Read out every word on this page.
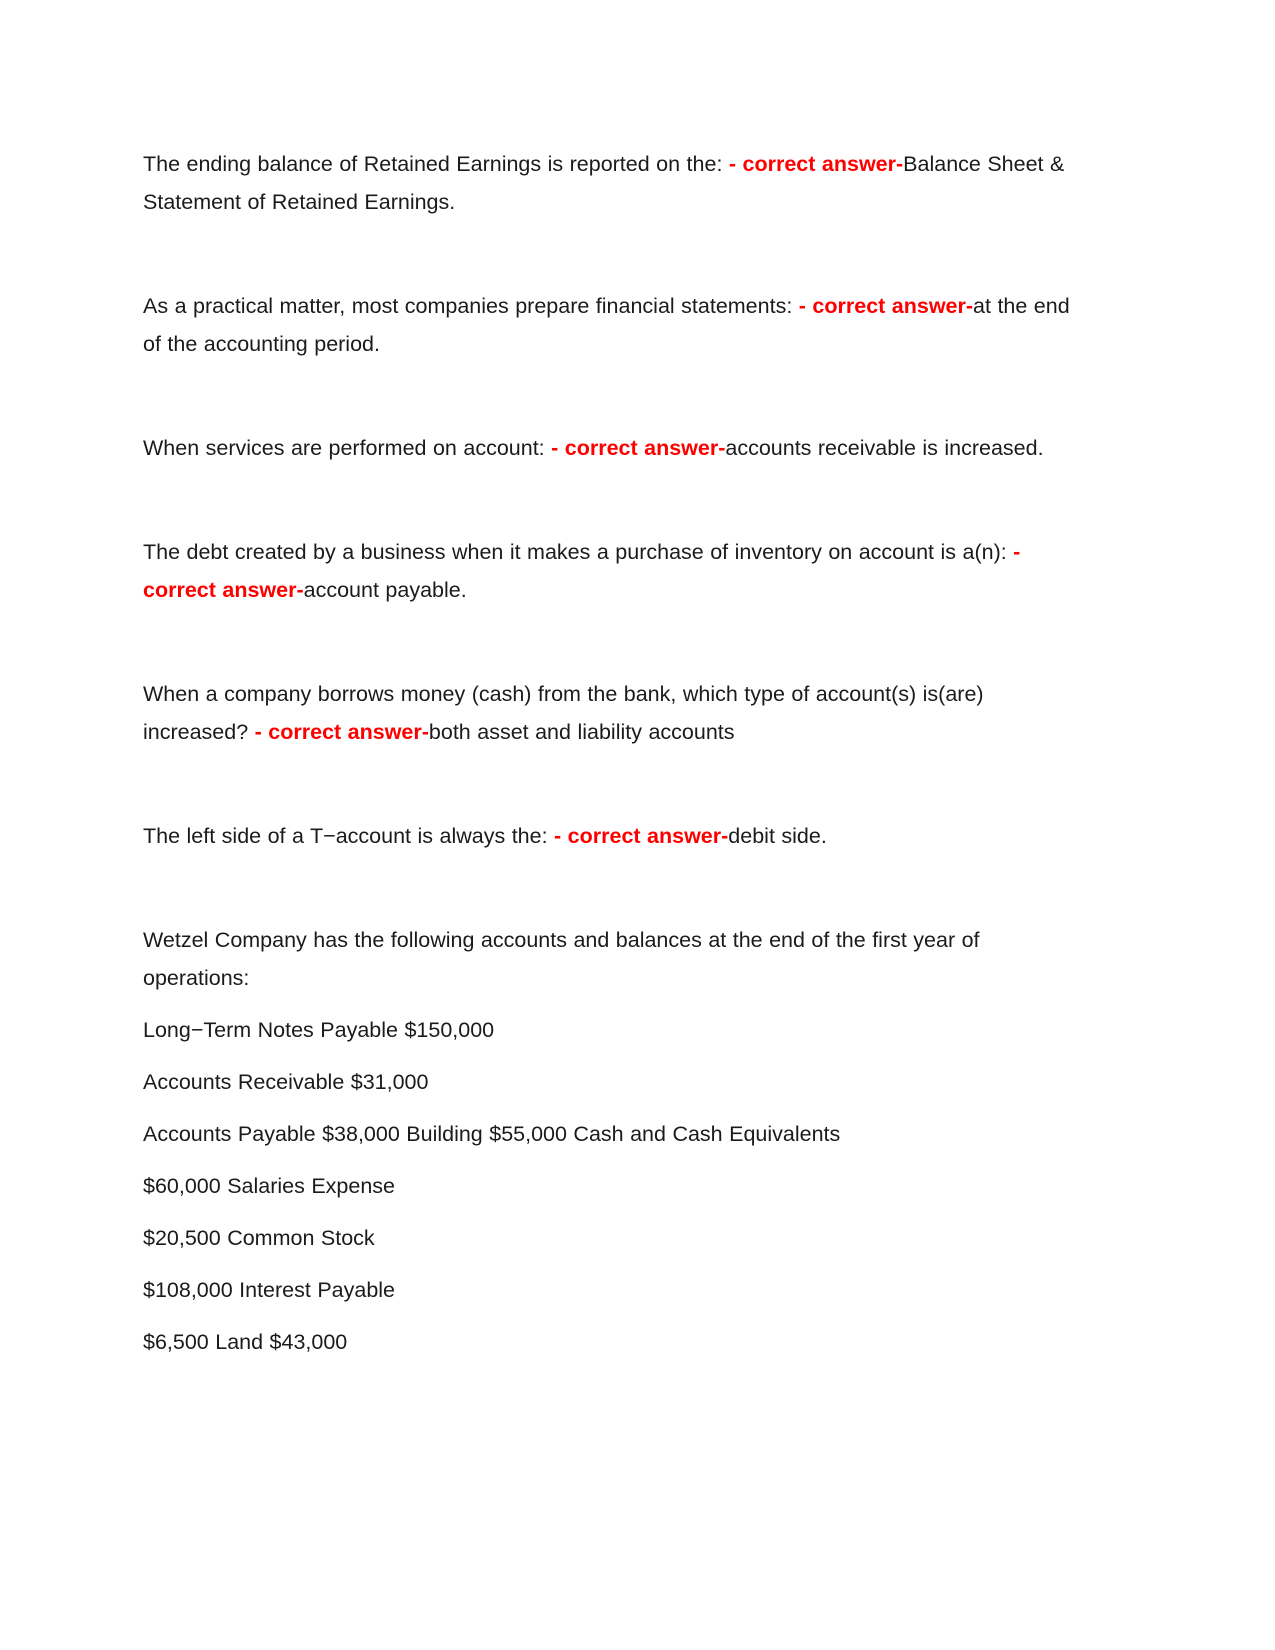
The ending balance of Retained Earnings is reported on the: - correct answer-Balance Sheet & Statement of Retained Earnings.

As a practical matter, most companies prepare financial statements: - correct answer-at the end of the accounting period.

When services are performed on account: - correct answer-accounts receivable is increased.

The debt created by a business when it makes a purchase of inventory on account is a(n): - correct answer-account payable.

When a company borrows money (cash) from the bank, which type of account(s) is(are) increased? - correct answer-both asset and liability accounts

The left side of a T−account is always the: - correct answer-debit side.

Wetzel Company has the following accounts and balances at the end of the first year of operations:

Long−Term Notes Payable $150,000

Accounts Receivable $31,000

Accounts Payable $38,000 Building $55,000 Cash and Cash Equivalents

$60,000 Salaries Expense

$20,500 Common Stock

$108,000 Interest Payable

$6,500 Land $43,000
